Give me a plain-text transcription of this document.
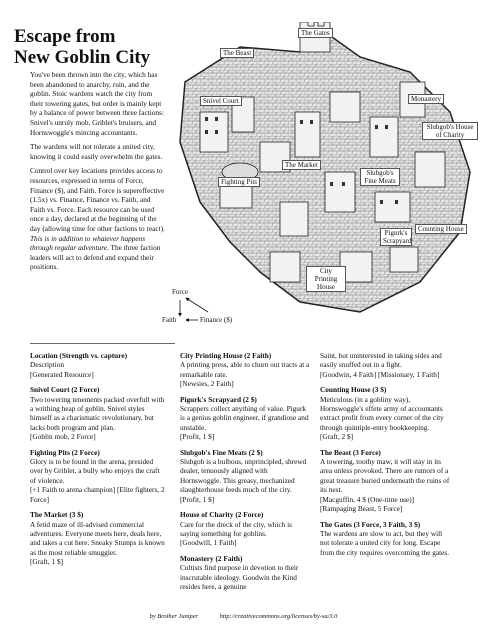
Escape from
New Goblin City

You've been thrown into the city, which has been abandoned to anarchy, ruin, and the goblin. Stoic wardens watch the city from their towering gates, but order is mainly kept by a balance of power between three factions: Snivel's unruly mob, Griblet's bruisers, and Hornswoggle's mincing accountants.

The wardens will not tolerate a united city, knowing it could easily overwhelm the gates.

Control over key locations provides access to resources, expressed in terms of Force, Finance ($), and Faith. Force is supereffective (1.5x) vs. Finance, Finance vs. Faith, and Faith vs. Force. Each resource can be used once a day, declared at the beginning of the day (allowing time for other factions to react). This is in addition to whatever happens through regular adventure. The three faction leaders will act to defend and expand their positions.

The Gates
The Beast
Snivel Court	Monastery
Slubgob's House of Charity
The Market
Fighting Pits
Slubgob's Fine Meats
Counting House
Pigurk's Scrapyard
City Printing House
Force
Faith	Finance ($)
Location (Strength vs. capture)
Description
[Generated Resource]
Snivel Court (2 Force)
Two towering tenements packed overfull with a writhing heap of goblin. Snivel styles himself as a charismatic revolutionary, but lacks both program and plan.
[Goblin mob, 2 Force]
Fighting Pits (2 Force)
Glory is to be found in the arena, presided over by Griblet, a bully who enjoys the craft of violence.
[+1 Faith to arena champion] [Elite fighters, 2 Force]
The Market (3 $)
A fetid maze of ill-advised commercial adventures. Everyone meets here, deals here, and takes a cut here. Sneaky Stumps is known as the most reliable smuggler.
[Graft, 1 $]
City Printing House (2 Faith)
A printing press, able to churn out tracts at a remarkable rate.
[Newsies, 2 Faith]
Pigurk's Scrapyard (2 $)
Scrappers collect anything of value. Pigurk is a genius goblin engineer, if grandiose and unstable.
[Profit, 1 $]
Slubgob's Fine Meats (2 $)
Slubgob is a bulbous, unprincipled, shrewd dealer, tenuously aligned with Hornswoggle. This greasy, mechanized slaughterhouse feeds much of the city.
[Profit, 1 $]
House of Charity (2 Force)
Care for the dreck of the city, which is saying something for goblins.
[Goodwill, 1 Faith]
Monastery (2 Faith)
Cultists find purpose in devotion to their inscrutable ideology. Goodwin the Kind resides here, a genuine
Saint, but uninterested in taking sides and easily snuffed out in a fight.
[Goodwin, 4 Faith] [Missionary, 1 Faith]
Counting House (3 $)
Meticulous (in a gobliny way), Hornswoggle's effete army of accountants extract profit from every corner of the city through quintiple-entry bookkeeping.
[Graft, 2 $]
The Beast (3 Force)
A towering, toothy maw, it will stay in its area unless provoked. There are rumors of a great treasure buried underneath the ruins of its nest.
[Macguffin, 4 $ (One-time use)] [Rampaging Beast, 5 Force]
The Gates (3 Force, 3 Faith, 3 $)
The wardens are slow to act, but they will not tolerate a united city for long. Escape from the city requires overcoming the gates.
by Brother Juniper	http://creativecommons.org/licenses/by-sa/3.0
